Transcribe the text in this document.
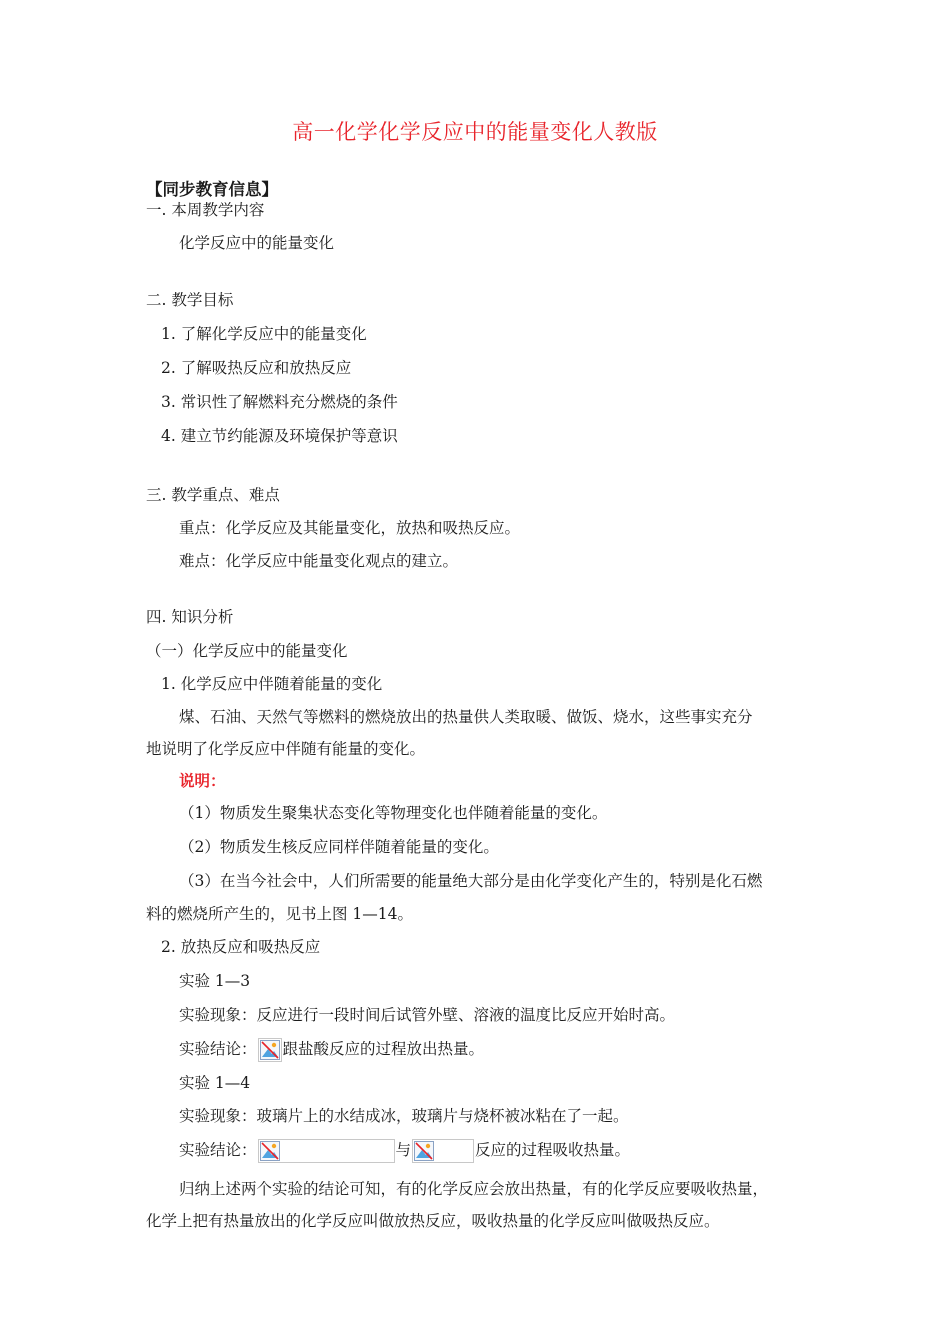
高一化学化学反应中的能量变化人教版
【同步教育信息】
一. 本周教学内容
化学反应中的能量变化
二. 教学目标
1. 了解化学反应中的能量变化
2. 了解吸热反应和放热反应
3. 常识性了解燃料充分燃烧的条件
4. 建立节约能源及环境保护等意识
三. 教学重点、难点
重点：化学反应及其能量变化，放热和吸热反应。
难点：化学反应中能量变化观点的建立。
四. 知识分析
（一）化学反应中的能量变化
1. 化学反应中伴随着能量的变化
煤、石油、天然气等燃料的燃烧放出的热量供人类取暖、做饭、烧水，这些事实充分
地说明了化学反应中伴随有能量的变化。
说明：
（1）物质发生聚集状态变化等物理变化也伴随着能量的变化。
（2）物质发生核反应同样伴随着能量的变化。
（3）在当今社会中，人们所需要的能量绝大部分是由化学变化产生的，特别是化石燃
料的燃烧所产生的，见书上图 1—14。
2. 放热反应和吸热反应
实验 1—3
实验现象：反应进行一段时间后试管外壁、溶液的温度比反应开始时高。
实验结论： 跟盐酸反应的过程放出热量。
实验 1—4
实验现象：玻璃片上的水结成冰，玻璃片与烧杯被冰粘在了一起。
实验结论：	与	反应的过程吸收热量。
归纳上述两个实验的结论可知，有的化学反应会放出热量，有的化学反应要吸收热量，
化学上把有热量放出的化学反应叫做放热反应，吸收热量的化学反应叫做吸热反应。
